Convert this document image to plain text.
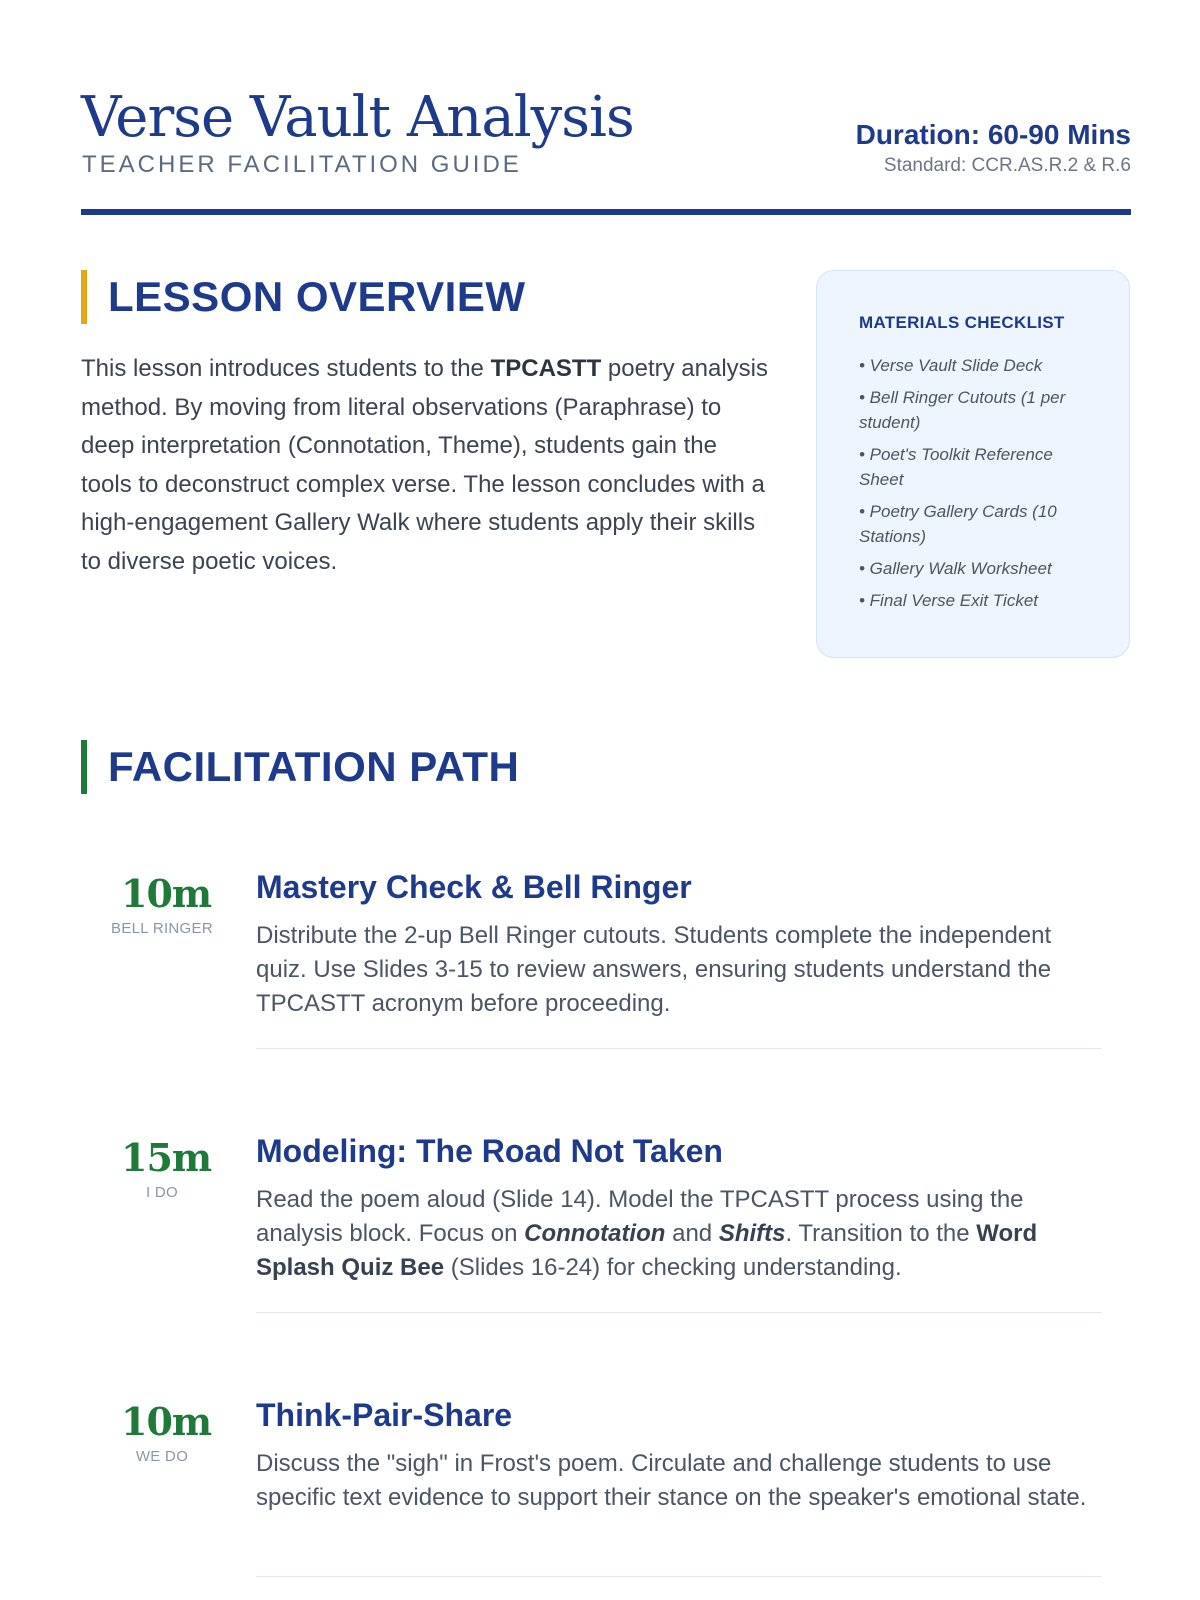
Verse Vault Analysis

TEACHER FACILITATION GUIDE

Duration: 60-90 Mins

Standard: CCR.AS.R.2 & R.6

LESSON OVERVIEW

This lesson introduces students to the TPCASTT poetry analysis method. By moving from literal observations (Paraphrase) to deep interpretation (Connotation, Theme), students gain the tools to deconstruct complex verse. The lesson concludes with a high-engagement Gallery Walk where students apply their skills to diverse poetic voices.

MATERIALS CHECKLIST
• Verse Vault Slide Deck
• Bell Ringer Cutouts (1 per student)
• Poet's Toolkit Reference Sheet
• Poetry Gallery Cards (10 Stations)
• Gallery Walk Worksheet
• Final Verse Exit Ticket
FACILITATION PATH
10m
BELL RINGER
Mastery Check & Bell Ringer

Distribute the 2-up Bell Ringer cutouts. Students complete the independent quiz. Use Slides 3-15 to review answers, ensuring students understand the TPCASTT acronym before proceeding.

15m
I DO
Modeling: The Road Not Taken

Read the poem aloud (Slide 14). Model the TPCASTT process using the analysis block. Focus on Connotation and Shifts. Transition to the Word Splash Quiz Bee (Slides 16-24) for checking understanding.

10m
WE DO
Think-Pair-Share

Discuss the "sigh" in Frost's poem. Circulate and challenge students to use specific text evidence to support their stance on the speaker's emotional state.
